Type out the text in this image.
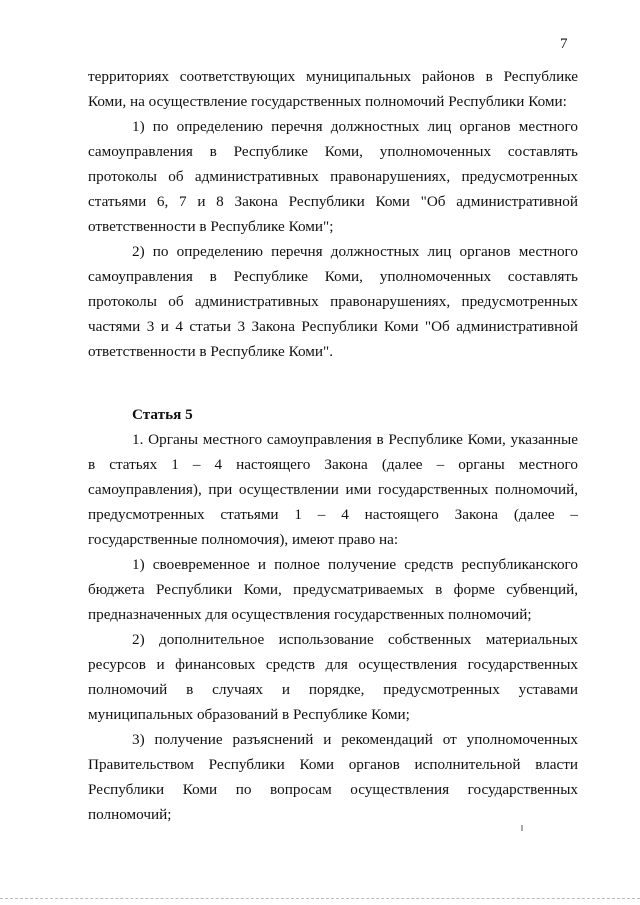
7

территориях соответствующих муниципальных районов в Республике Коми, на осуществление государственных полномочий Республики Коми:

1) по определению перечня должностных лиц органов местного самоуправления в Республике Коми, уполномоченных составлять протоколы об административных правонарушениях, предусмотренных статьями 6, 7 и 8 Закона Республики Коми "Об административной ответственности в Республике Коми";

2) по определению перечня должностных лиц органов местного самоуправления в Республике Коми, уполномоченных составлять протоколы об административных правонарушениях, предусмотренных частями 3 и 4 статьи 3 Закона Республики Коми "Об административной ответственности в Республике Коми".

Статья 5

1. Органы местного самоуправления в Республике Коми, указанные в статьях 1 – 4 настоящего Закона (далее – органы местного самоуправления), при осуществлении ими государственных полномочий, предусмотренных статьями 1 – 4 настоящего Закона (далее – государственные полномочия), имеют право на:

1) своевременное и полное получение средств республиканского бюджета Республики Коми, предусматриваемых в форме субвенций, предназначенных для осуществления государственных полномочий;

2) дополнительное использование собственных материальных ресурсов и финансовых средств для осуществления государственных полномочий в случаях и порядке, предусмотренных уставами муниципальных образований в Республике Коми;

3) получение разъяснений и рекомендаций от уполномоченных Правительством Республики Коми органов исполнительной власти Республики Коми по вопросам осуществления государственных полномочий;
